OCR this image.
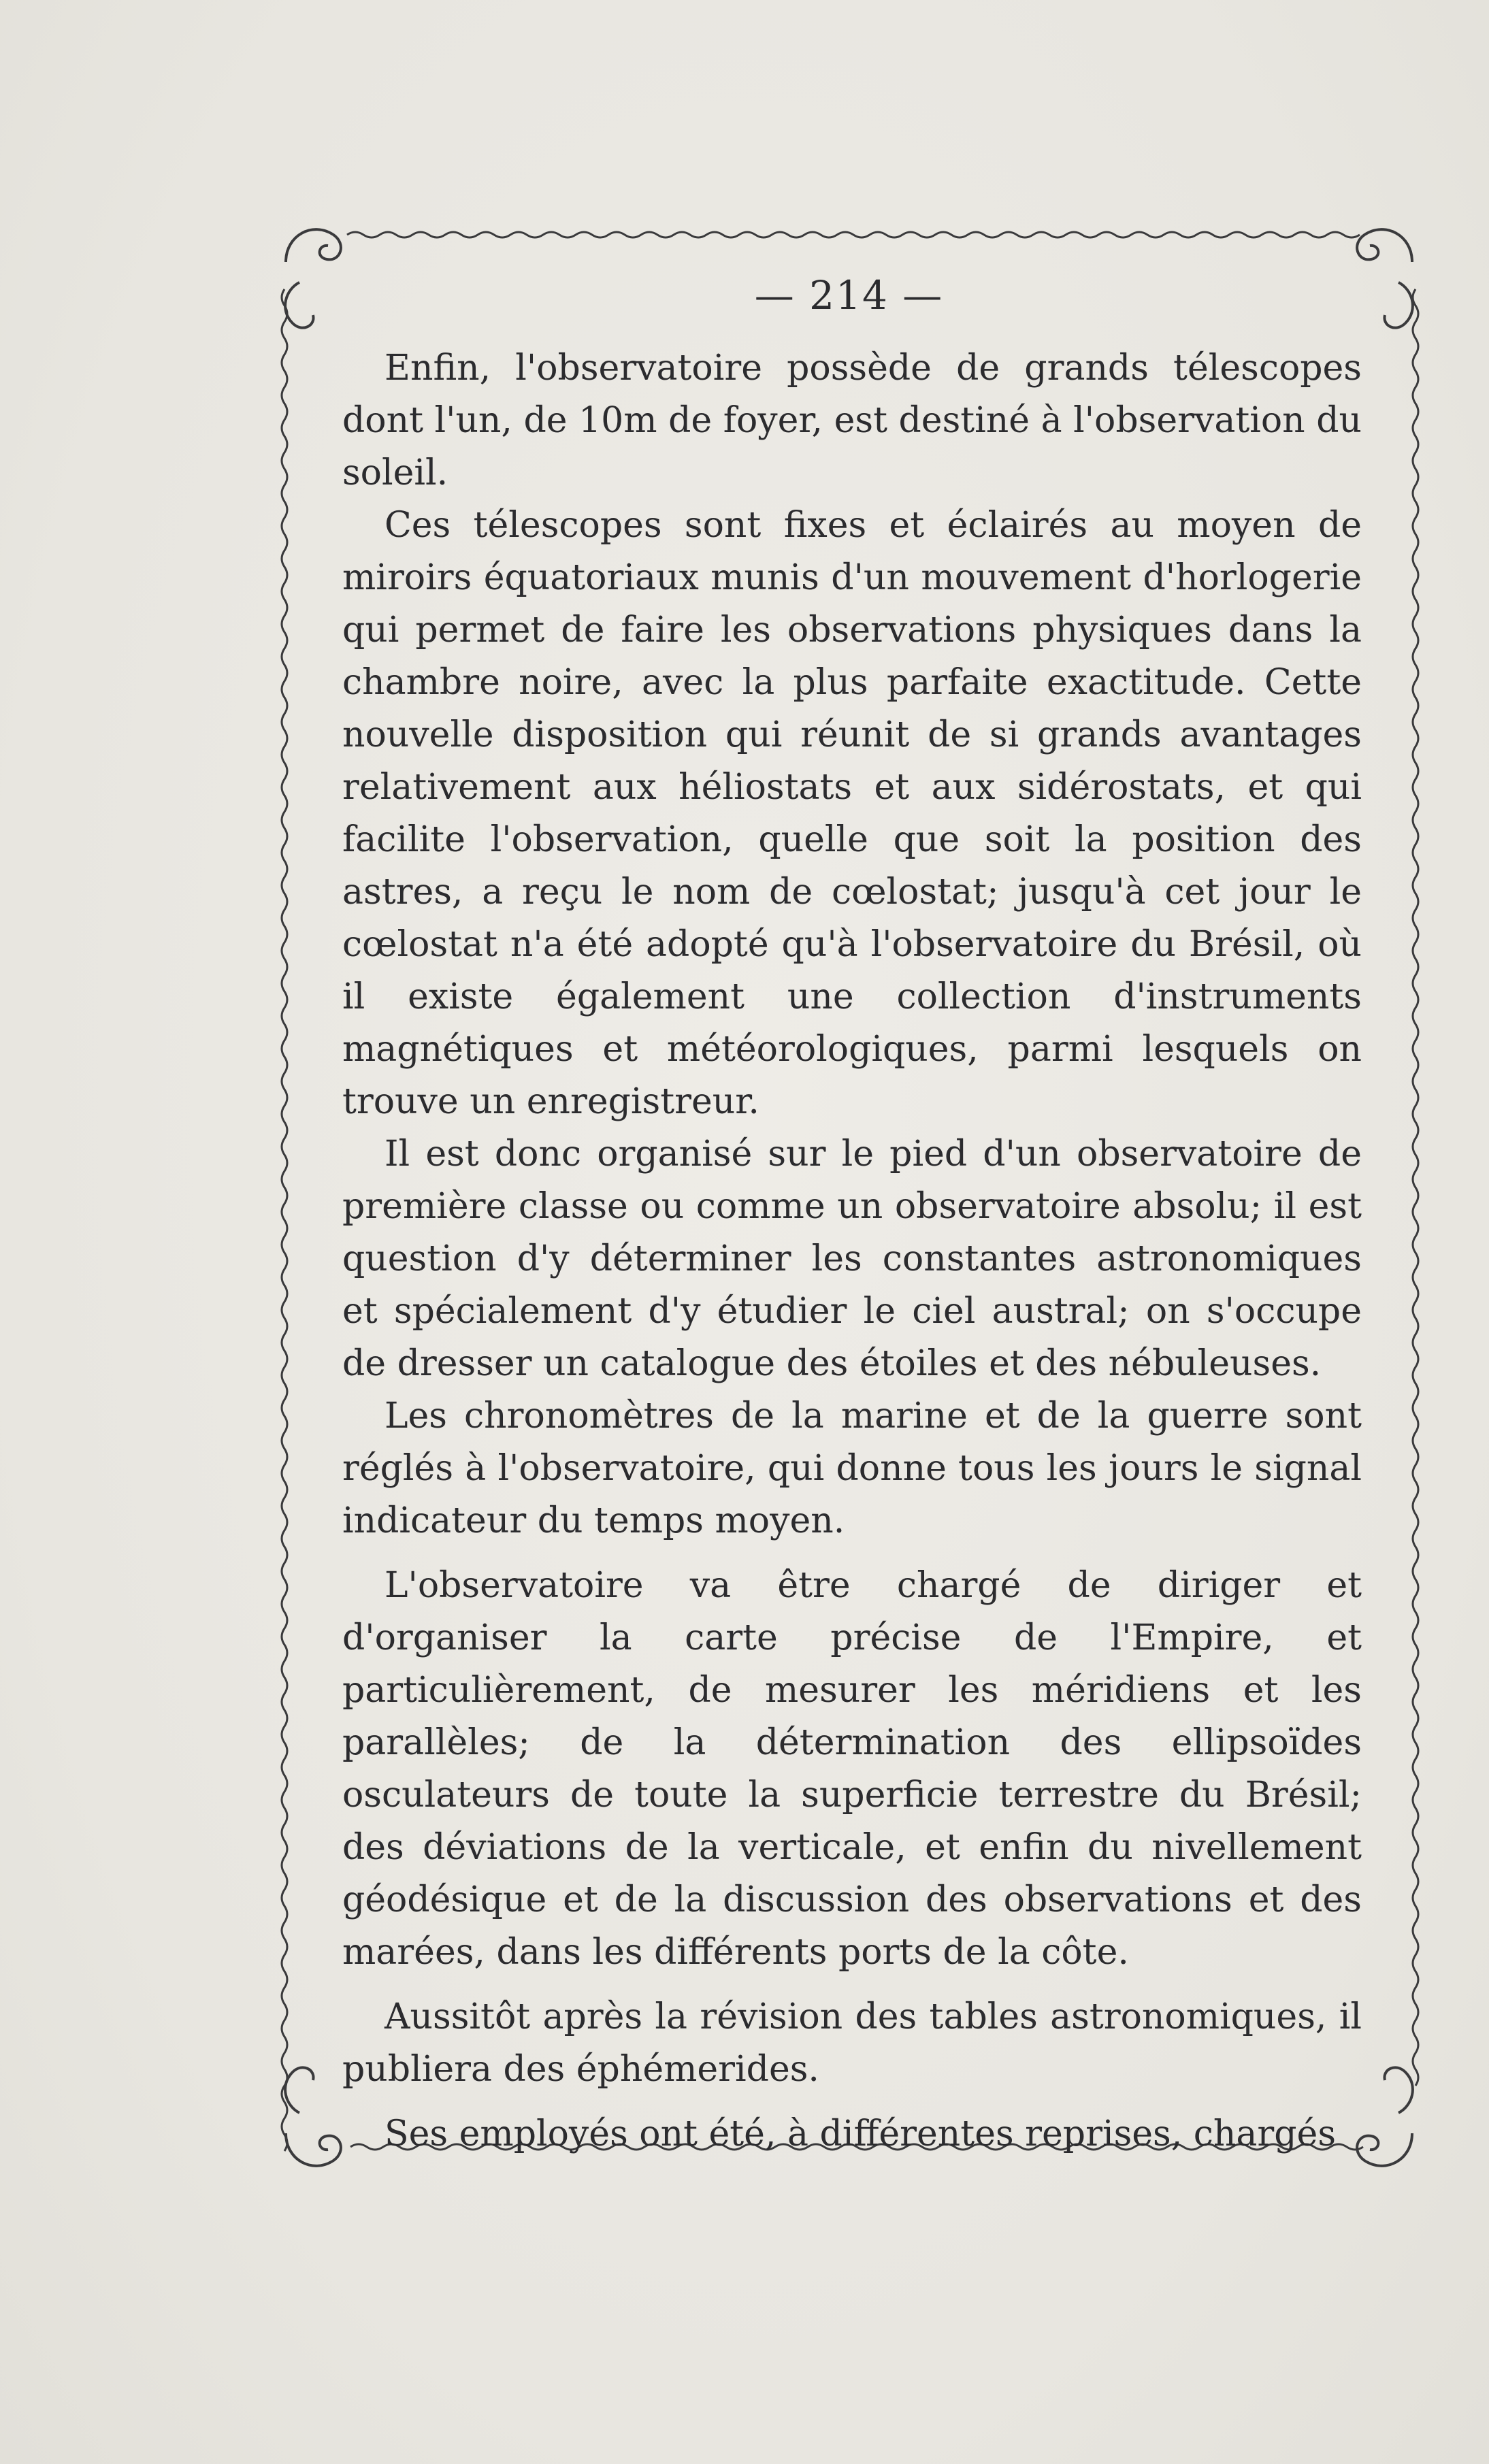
— 214 —

Enfin, l'observatoire possède de grands télescopes dont l'un, de 10m de foyer, est destiné à l'observation du soleil.

Ces télescopes sont fixes et éclairés au moyen de miroirs équatoriaux munis d'un mouvement d'horlogerie qui permet de faire les observations physiques dans la chambre noire, avec la plus parfaite exactitude. Cette nouvelle disposition qui réunit de si grands avantages relativement aux héliostats et aux sidérostats, et qui facilite l'observation, quelle que soit la position des astres, a reçu le nom de cœlostat; jusqu'à cet jour le cœlostat n'a été adopté qu'à l'observatoire du Brésil, où il existe également une collection d'instruments magnétiques et météorologiques, parmi lesquels on trouve un enregistreur.

Il est donc organisé sur le pied d'un observatoire de première classe ou comme un observatoire absolu; il est question d'y déterminer les constantes astronomiques et spécialement d'y étudier le ciel austral; on s'occupe de dresser un catalogue des étoiles et des nébuleuses.

Les chronomètres de la marine et de la guerre sont réglés à l'observatoire, qui donne tous les jours le signal indicateur du temps moyen.

L'observatoire va être chargé de diriger et d'organiser la carte précise de l'Empire, et particulièrement, de mesurer les méridiens et les parallèles; de la détermination des ellipsoïdes osculateurs de toute la superficie terrestre du Brésil; des déviations de la verticale, et enfin du nivellement géodésique et de la discussion des observations et des marées, dans les différents ports de la côte.

Aussitôt après la révision des tables astronomiques, il publiera des éphémerides.

Ses employés ont été, à différentes reprises, chargés
